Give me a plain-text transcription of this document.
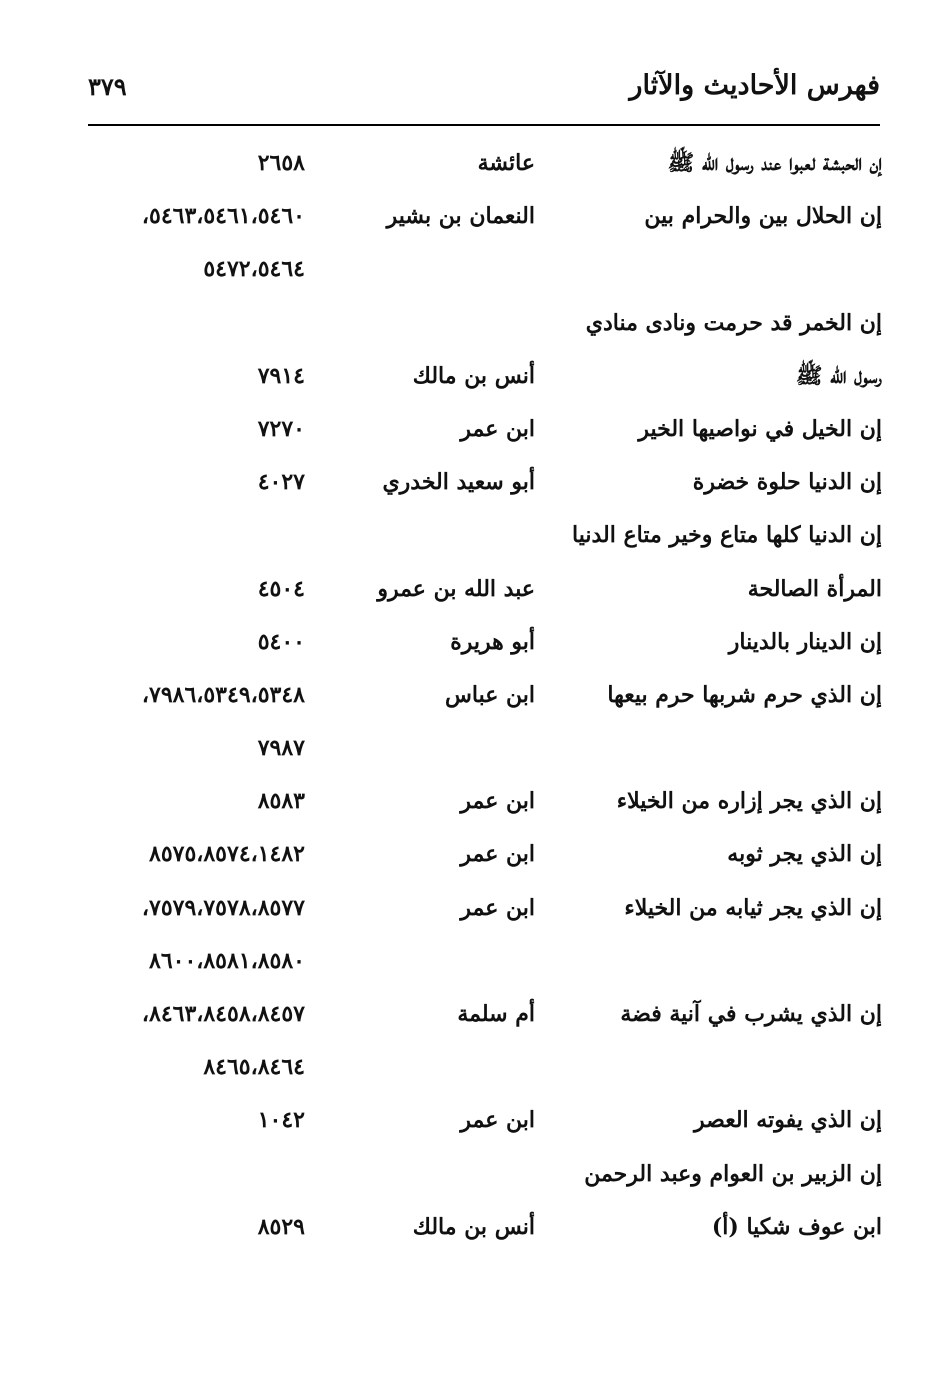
فهرس الأحاديث والآثار
٣٧٩
إن الحبشة لعبوا عند رسول الله ﷺ
عائشة
٢٦٥٨
إن الحلال بين والحرام بين
النعمان بن بشير
٥٤٦٣،٥٤٦١،٥٤٦٠،
٥٤٧٢،٥٤٦٤
إن الخمر قد حرمت ونادى منادي
رسول الله ﷺ
أنس بن مالك
٧٩١٤
إن الخيل في نواصيها الخير
ابن عمر
٧٢٧٠
إن الدنيا حلوة خضرة
أبو سعيد الخدري
٤٠٢٧
إن الدنيا كلها متاع وخير متاع الدنيا
المرأة الصالحة
عبد الله بن عمرو
٤٥٠٤
إن الدينار بالدينار
أبو هريرة
٥٤٠٠
إن الذي حرم شربها حرم بيعها
ابن عباس
٧٩٨٦،٥٣٤٩،٥٣٤٨،
٧٩٨٧
إن الذي يجر إزاره من الخيلاء
ابن عمر
٨٥٨٣
إن الذي يجر ثوبه
ابن عمر
٨٥٧٥،٨٥٧٤،١٤٨٢
إن الذي يجر ثيابه من الخيلاء
ابن عمر
٧٥٧٩،٧٥٧٨،٨٥٧٧،
٨٦٠٠،٨٥٨١،٨٥٨٠
إن الذي يشرب في آنية فضة
أم سلمة
٨٤٦٣،٨٤٥٨،٨٤٥٧،
٨٤٦٥،٨٤٦٤
إن الذي يفوته العصر
ابن عمر
١٠٤٢
إن الزبير بن العوام وعبد الرحمن
ابن عوف شكيا (أ)
أنس بن مالك
٨٥٢٩
